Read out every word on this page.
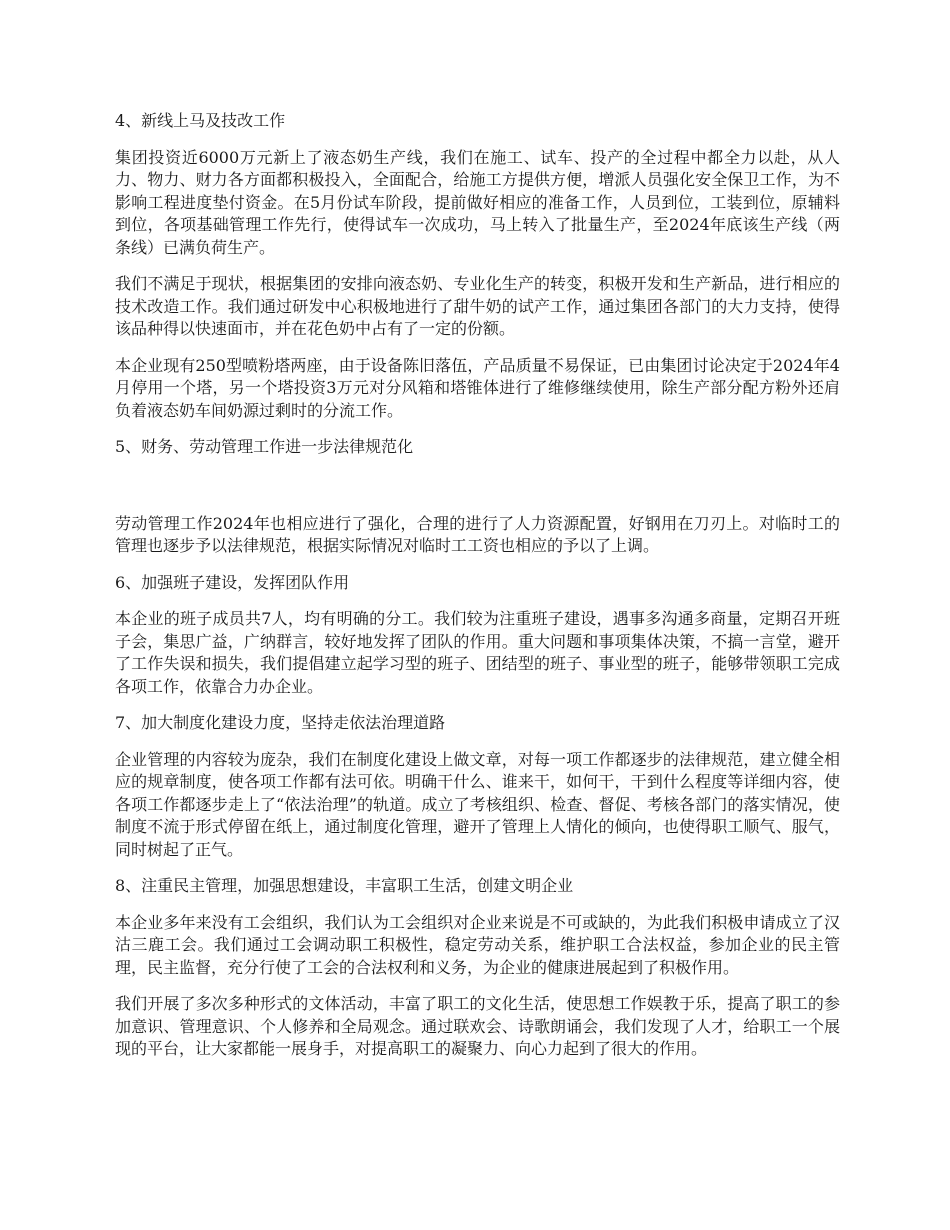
4、新线上马及技改工作

集团投资近6000万元新上了液态奶生产线，我们在施工、试车、投产的全过程中都全力以赴，从人力、物力、财力各方面都积极投入，全面配合，给施工方提供方便，增派人员强化安全保卫工作，为不影响工程进度垫付资金。在5月份试车阶段，提前做好相应的准备工作，人员到位，工装到位，原辅料到位，各项基础管理工作先行，使得试车一次成功，马上转入了批量生产，至2024年底该生产线（两条线）已满负荷生产。

我们不满足于现状，根据集团的安排向液态奶、专业化生产的转变，积极开发和生产新品，进行相应的技术改造工作。我们通过研发中心积极地进行了甜牛奶的试产工作，通过集团各部门的大力支持，使得该品种得以快速面市，并在花色奶中占有了一定的份额。

本企业现有250型喷粉塔两座，由于设备陈旧落伍，产品质量不易保证，已由集团讨论决定于2024年4月停用一个塔，另一个塔投资3万元对分风箱和塔锥体进行了维修继续使用，除生产部分配方粉外还肩负着液态奶车间奶源过剩时的分流工作。

5、财务、劳动管理工作进一步法律规范化

劳动管理工作2024年也相应进行了强化，合理的进行了人力资源配置，好钢用在刀刃上。对临时工的管理也逐步予以法律规范，根据实际情况对临时工工资也相应的予以了上调。

6、加强班子建设，发挥团队作用

本企业的班子成员共7人，均有明确的分工。我们较为注重班子建设，遇事多沟通多商量，定期召开班子会，集思广益，广纳群言，较好地发挥了团队的作用。重大问题和事项集体决策，不搞一言堂，避开了工作失误和损失，我们提倡建立起学习型的班子、团结型的班子、事业型的班子，能够带领职工完成各项工作，依靠合力办企业。

7、加大制度化建设力度，坚持走依法治理道路

企业管理的内容较为庞杂，我们在制度化建设上做文章，对每一项工作都逐步的法律规范，建立健全相应的规章制度，使各项工作都有法可依。明确干什么、谁来干，如何干，干到什么程度等详细内容，使各项工作都逐步走上了“依法治理”的轨道。成立了考核组织、检查、督促、考核各部门的落实情况，使制度不流于形式停留在纸上，通过制度化管理，避开了管理上人情化的倾向，也使得职工顺气、服气，同时树起了正气。

8、注重民主管理，加强思想建设，丰富职工生活，创建文明企业

本企业多年来没有工会组织，我们认为工会组织对企业来说是不可或缺的，为此我们积极申请成立了汉沽三鹿工会。我们通过工会调动职工积极性，稳定劳动关系，维护职工合法权益，参加企业的民主管理，民主监督，充分行使了工会的合法权利和义务，为企业的健康进展起到了积极作用。

我们开展了多次多种形式的文体活动，丰富了职工的文化生活，使思想工作娱教于乐，提高了职工的参加意识、管理意识、个人修养和全局观念。通过联欢会、诗歌朗诵会，我们发现了人才，给职工一个展现的平台，让大家都能一展身手，对提高职工的凝聚力、向心力起到了很大的作用。
